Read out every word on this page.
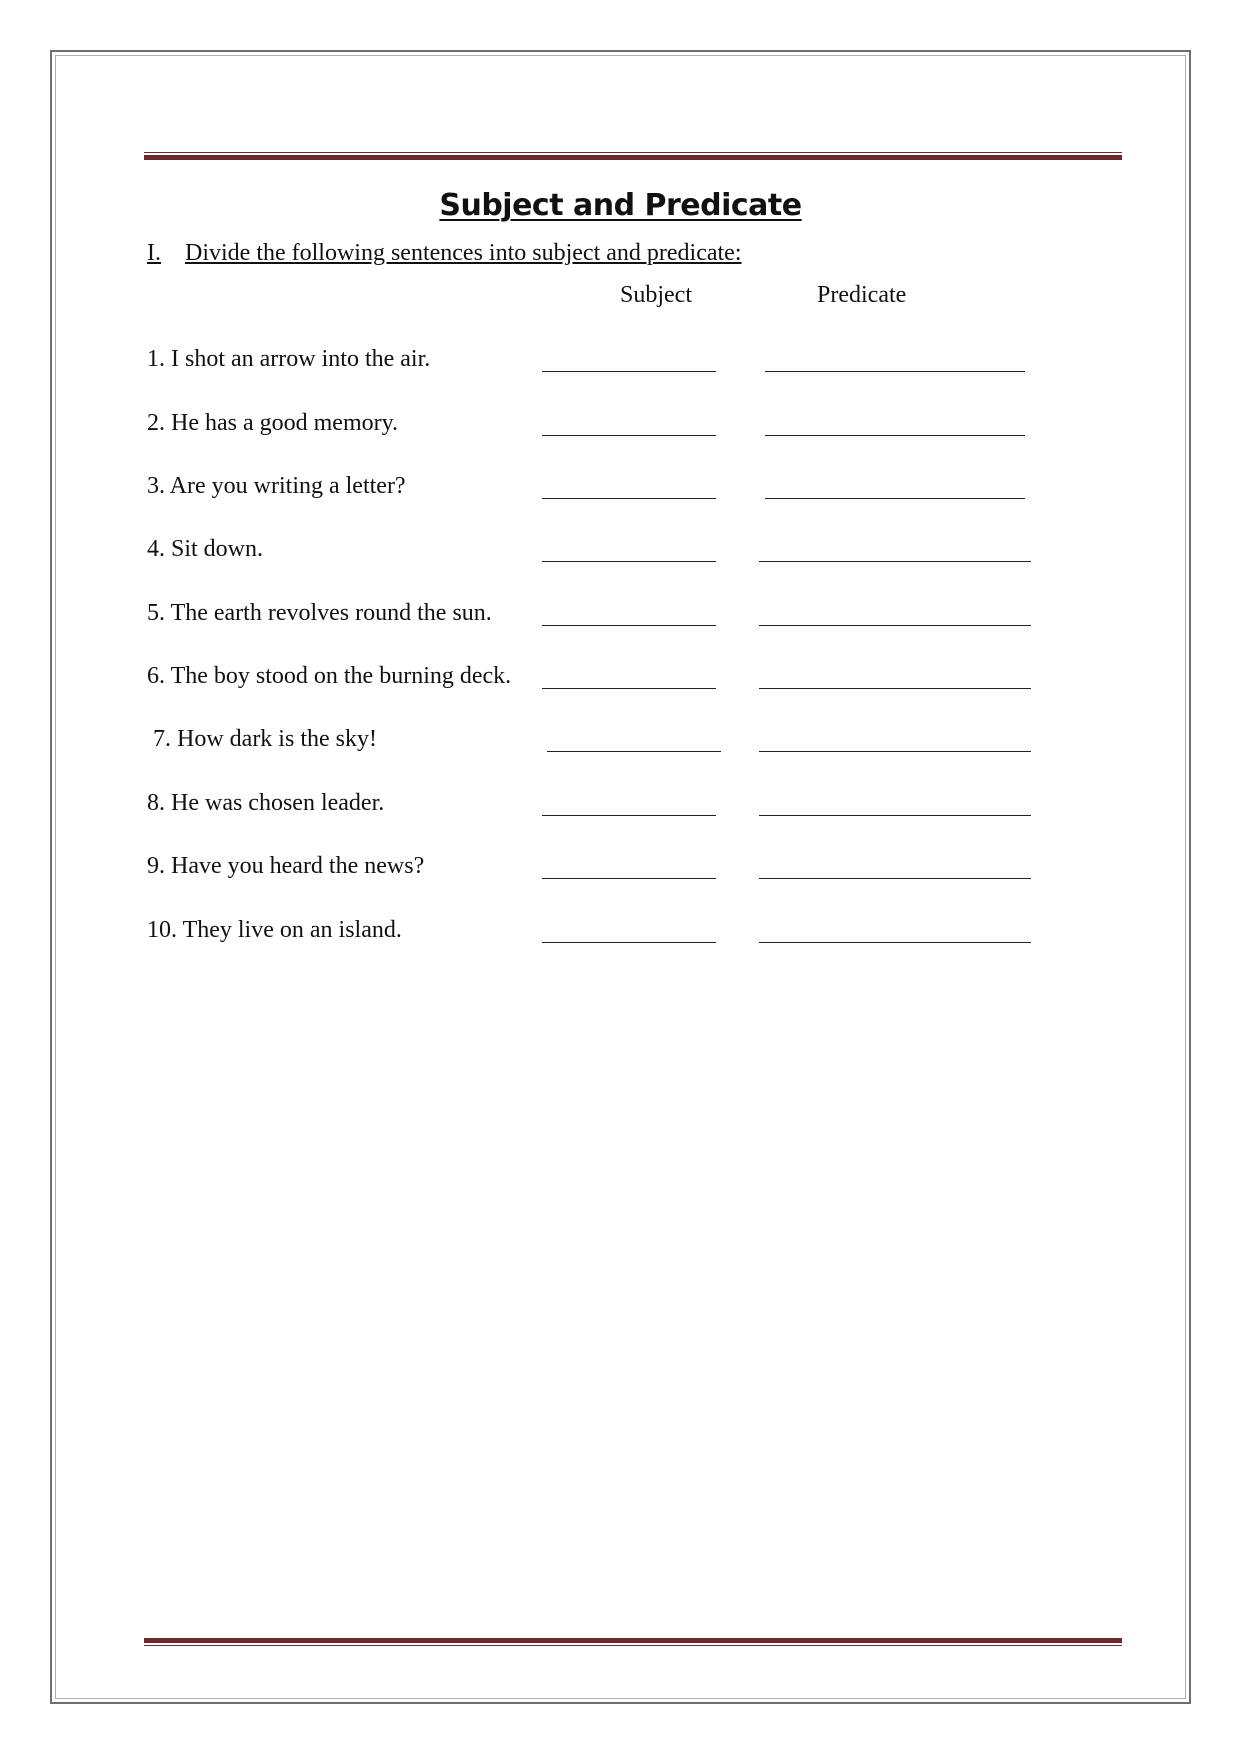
Subject and Predicate
I. Divide the following sentences into subject and predicate:
Subject	Predicate
1. I shot an arrow into the air.
2. He has a good memory.
3. Are you writing a letter?
4. Sit down.
5. The earth revolves round the sun.
6. The boy stood on the burning deck.
7. How dark is the sky!
8. He was chosen leader.
9. Have you heard the news?
10. They live on an island.
